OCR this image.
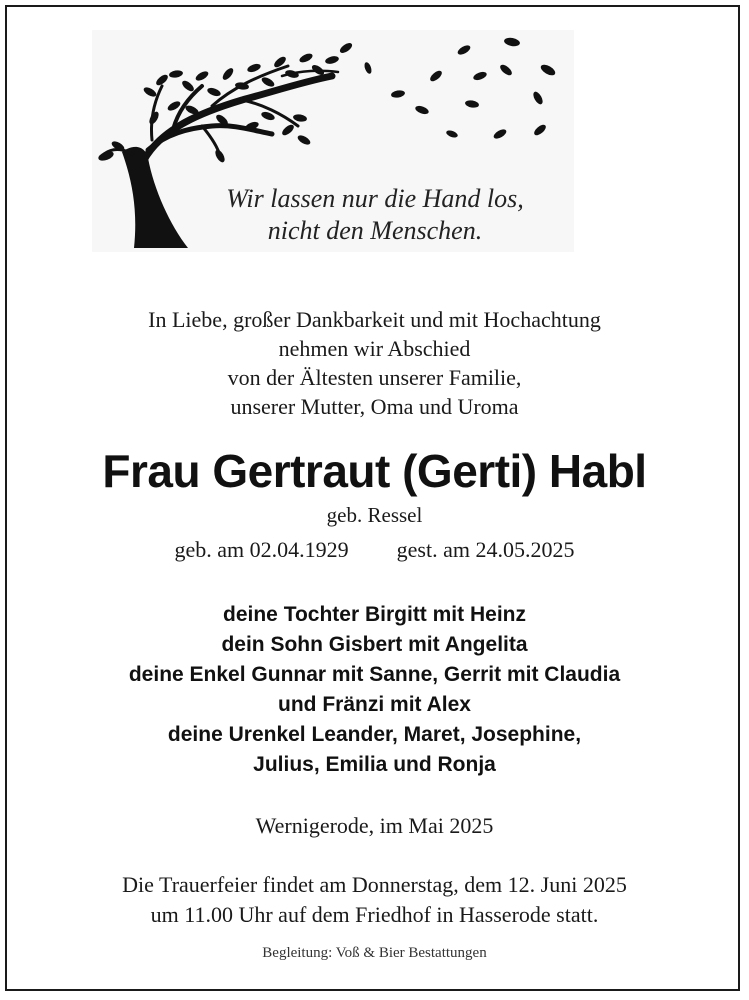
Wir lassen nur die Hand los,
nicht den Menschen.
In Liebe, großer Dankbarkeit und mit Hochachtung
nehmen wir Abschied
von der Ältesten unserer Familie,
unserer Mutter, Oma und Uroma
Frau Gertraut (Gerti) Habl
geb. Ressel
geb. am 02.04.1929 gest. am 24.05.2025
deine Tochter Birgitt mit Heinz
dein Sohn Gisbert mit Angelita
deine Enkel Gunnar mit Sanne, Gerrit mit Claudia
und Fränzi mit Alex
deine Urenkel Leander, Maret, Josephine,
Julius, Emilia und Ronja
Wernigerode, im Mai 2025
Die Trauerfeier findet am Donnerstag, dem 12. Juni 2025
um 11.00 Uhr auf dem Friedhof in Hasserode statt.
Begleitung: Voß & Bier Bestattungen
